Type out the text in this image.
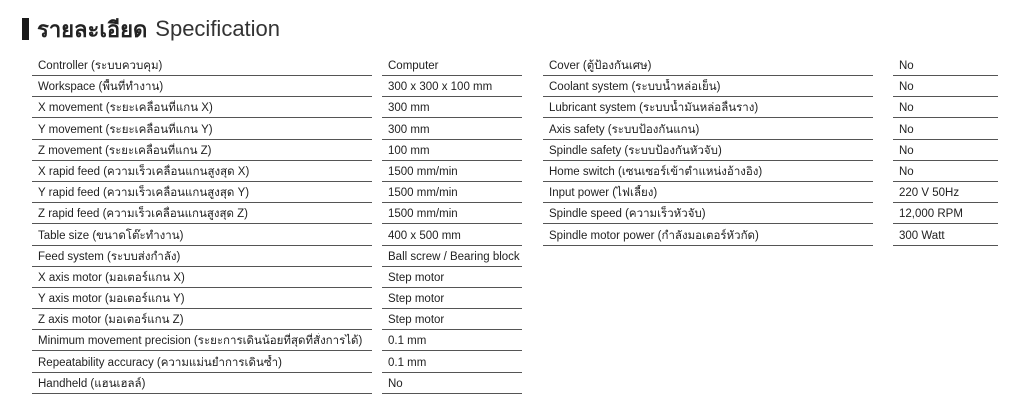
รายละเอียด Specification
Controller (ระบบควบคุม)	Computer
Workspace (พื้นที่ทำงาน)	300 x 300 x 100 mm
X movement (ระยะเคลื่อนที่แกน X)	300 mm
Y movement (ระยะเคลื่อนที่แกน Y)	300 mm
Z movement (ระยะเคลื่อนที่แกน Z)	100 mm
X rapid feed (ความเร็วเคลื่อนแกนสูงสุด X)	1500 mm/min
Y rapid feed (ความเร็วเคลื่อนแกนสูงสุด Y)	1500 mm/min
Z rapid feed (ความเร็วเคลื่อนแกนสูงสุด Z)	1500 mm/min
Table size (ขนาดโต๊ะทำงาน)	400 x 500 mm
Feed system (ระบบส่งกำลัง)	Ball screw / Bearing block
X axis motor (มอเตอร์แกน X)	Step motor
Y axis motor (มอเตอร์แกน Y)	Step motor
Z axis motor (มอเตอร์แกน Z)	Step motor
Minimum movement precision (ระยะการเดินน้อยที่สุดที่สั่งการได้)	0.1 mm
Repeatability accuracy (ความแม่นยำการเดินซ้ำ)	0.1 mm
Handheld (แฮนเฮลล์)	No
Cover (ตู้ป้องกันเศษ)	No
Coolant system (ระบบน้ำหล่อเย็น)	No
Lubricant system (ระบบน้ำมันหล่อลื่นราง)	No
Axis safety (ระบบป้องกันแกน)	No
Spindle safety (ระบบป้องกันหัวจับ)	No
Home switch (เซนเซอร์เข้าตำแหน่งอ้างอิง)	No
Input power (ไฟเลี้ยง)	220 V 50Hz
Spindle speed (ความเร็วหัวจับ)	12,000 RPM
Spindle motor power (กำลังมอเตอร์หัวกัด)	300 Watt
